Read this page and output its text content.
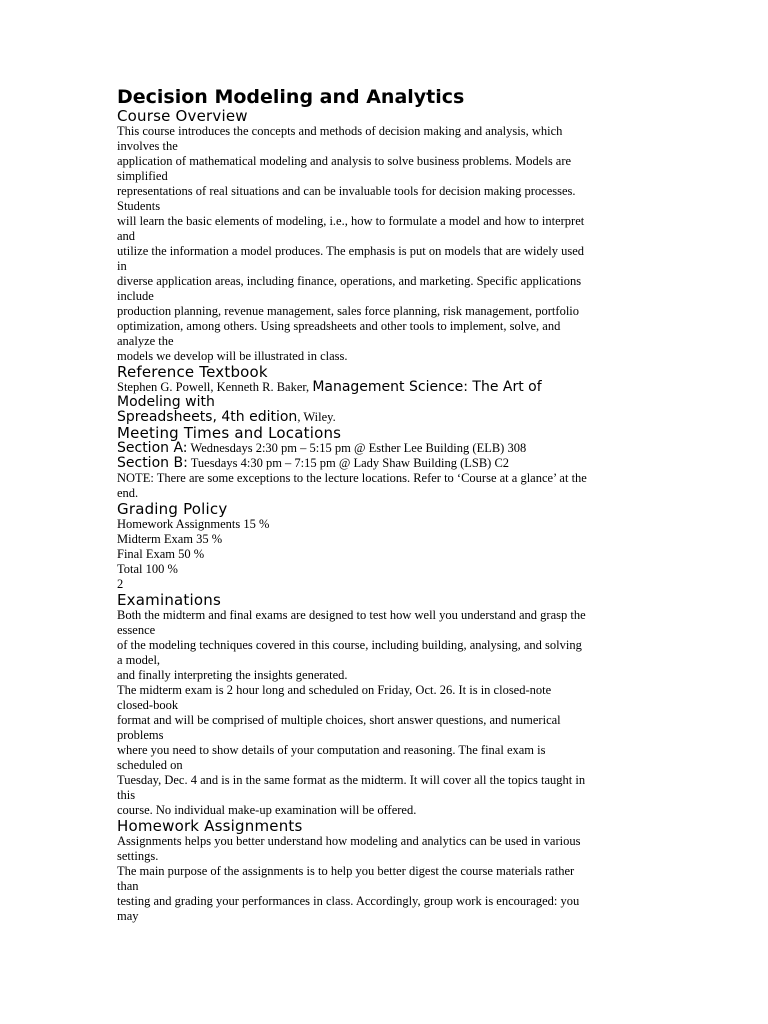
Decision Modeling and Analytics
Course Overview
This course introduces the concepts and methods of decision making and analysis, which
involves the
application of mathematical modeling and analysis to solve business problems. Models are
simplified
representations of real situations and can be invaluable tools for decision making processes.
Students
will learn the basic elements of modeling, i.e., how to formulate a model and how to interpret
and
utilize the information a model produces. The emphasis is put on models that are widely used
in
diverse application areas, including finance, operations, and marketing. Specific applications
include
production planning, revenue management, sales force planning, risk management, portfolio
optimization, among others. Using spreadsheets and other tools to implement, solve, and
analyze the
models we develop will be illustrated in class.
Reference Textbook
Stephen G. Powell, Kenneth R. Baker, Management Science: The Art of
Modeling with
Spreadsheets, 4th edition, Wiley.
Meeting Times and Locations
Section A: Wednesdays 2:30 pm – 5:15 pm @ Esther Lee Building (ELB) 308
Section B: Tuesdays 4:30 pm – 7:15 pm @ Lady Shaw Building (LSB) C2
NOTE: There are some exceptions to the lecture locations. Refer to ‘Course at a glance’ at the
end.
Grading Policy
Homework Assignments 15 %
Midterm Exam 35 %
Final Exam 50 %
Total 100 %
2
Examinations
Both the midterm and final exams are designed to test how well you understand and grasp the
essence
of the modeling techniques covered in this course, including building, analysing, and solving
a model,
and finally interpreting the insights generated.
The midterm exam is 2 hour long and scheduled on Friday, Oct. 26. It is in closed-note
closed-book
format and will be comprised of multiple choices, short answer questions, and numerical
problems
where you need to show details of your computation and reasoning. The final exam is
scheduled on
Tuesday, Dec. 4 and is in the same format as the midterm. It will cover all the topics taught in
this
course. No individual make-up examination will be offered.
Homework Assignments
Assignments helps you better understand how modeling and analytics can be used in various
settings.
The main purpose of the assignments is to help you better digest the course materials rather
than
testing and grading your performances in class. Accordingly, group work is encouraged: you
may
